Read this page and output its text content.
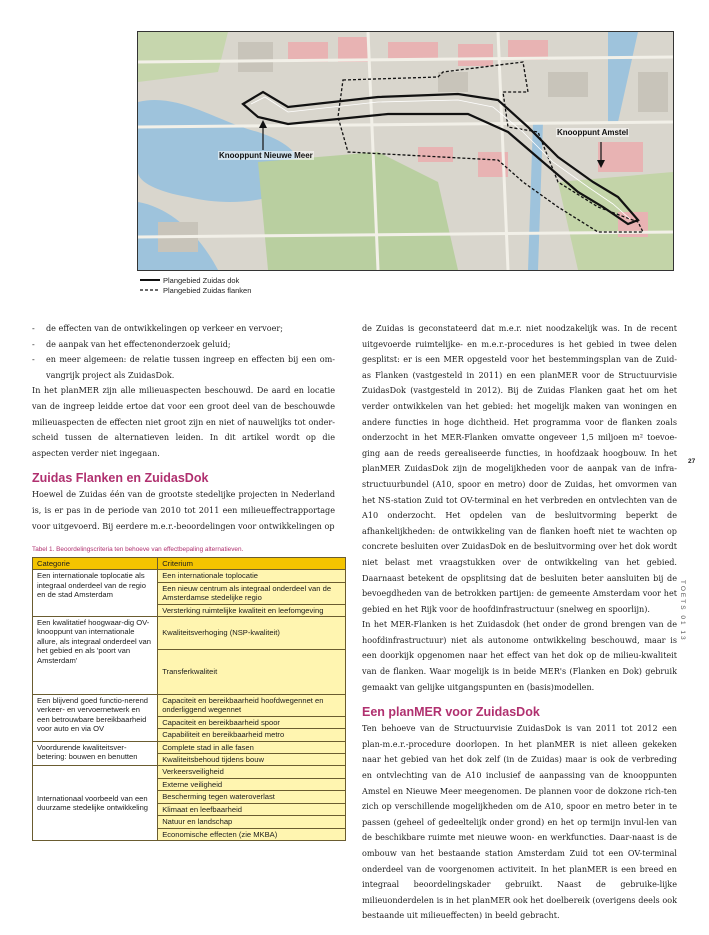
Knooppunt Nieuwe Meer
Knooppunt Amstel
Plangebied Zuidas dok
Plangebied Zuidas flanken
-	de effecten van de ontwikkelingen op verkeer en vervoer;
-	de aanpak van het effectenonderzoek geluid;
-	en meer algemeen: de relatie tussen ingreep en effecten bij een om-vangrijk project als ZuidasDok.

In het planMER zijn alle milieuaspecten beschouwd. De aard en locatie van de ingreep leidde ertoe dat voor een groot deel van de beschouwde milieuaspecten de effecten niet groot zijn en niet of nauwelijks tot onder-scheid tussen de alternatieven leiden. In dit artikel wordt op die aspecten verder niet ingegaan.

Zuidas Flanken en ZuidasDok

Hoewel de Zuidas één van de grootste stedelijke projecten in Nederland is, is er pas in de periode van 2010 tot 2011 een milieueffectrapportage voor uitgevoerd. Bij eerdere m.e.r.-beoordelingen voor ontwikkelingen op

Tabel 1. Beoordelingscriteria ten behoeve van effectbepaling alternatieven.
Categorie	Criterium
Een internationale toplocatie als integraal onderdeel van de regio en de stad Amsterdam	Een internationale toplocatie
	Een nieuw centrum als integraal onderdeel van de Amsterdamse stedelijke regio
	Versterking ruimtelijke kwaliteit en leefomgeving
Een kwalitatief hoogwaar-dig OV-knooppunt van internationale allure, als integraal onderdeel van het gebied en als 'poort van Amsterdam'	Kwaliteitsverhoging (NSP-kwaliteit)
	Transferkwaliteit
Een blijvend goed functio-nerend verkeer- en vervoernetwerk en een betrouwbare bereikbaarheid voor auto en via OV	Capaciteit en bereikbaarheid hoofdwegennet en onderliggend wegennet
	Capaciteit en bereikbaarheid spoor
	Capabiliteit en bereikbaarheid metro
Voordurende kwaliteitsver-betering: bouwen en benutten	Complete stad in alle fasen
	Kwaliteitsbehoud tijdens bouw
Internationaal voorbeeld van een duurzame stedelijke ontwikkeling	Verkeersveiligheid
	Externe veiligheid
	Bescherming tegen wateroverlast
	Klimaat en leefbaarheid
	Natuur en landschap
	Economische effecten (zie MKBA)

de Zuidas is geconstateerd dat m.e.r. niet noodzakelijk was. In de recent uitgevoerde ruimtelijke- en m.e.r.-procedures is het gebied in twee delen gesplitst: er is een MER opgesteld voor het bestemmingsplan van de Zuid-as Flanken (vastgesteld in 2011) en een planMER voor de Structuurvisie ZuidasDok (vastgesteld in 2012). Bij de Zuidas Flanken gaat het om het verder ontwikkelen van het gebied: het mogelijk maken van woningen en andere functies in hoge dichtheid. Het programma voor de flanken zoals onderzocht in het MER-Flanken omvatte ongeveer 1,5 miljoen m² toevoe-ging aan de reeds gerealiseerde functies, in hoofdzaak hoogbouw. In het planMER ZuidasDok zijn de mogelijkheden voor de aanpak van de infra-structuurbundel (A10, spoor en metro) door de Zuidas, het omvormen van het NS-station Zuid tot OV-terminal en het verbreden en ontvlechten van de A10 onderzocht. Het opdelen van de besluitvorming beperkt de afhankelijkheden: de ontwikkeling van de flanken hoeft niet te wachten op concrete besluiten over ZuidasDok en de besluitvorming over het dok wordt niet belast met vraagstukken over de ontwikkeling van het gebied. Daarnaast betekent de opsplitsing dat de besluiten beter aansluiten bij de bevoegdheden van de betrokken partijen: de gemeente Amsterdam voor het gebied en het Rijk voor de hoofdinfrastructuur (snelweg en spoorlijn).

In het MER-Flanken is het Zuidasdok (het onder de grond brengen van de hoofdinfrastructuur) niet als autonome ontwikkeling beschouwd, maar is een doorkijk opgenomen naar het effect van het dok op de milieu-kwaliteit van de flanken. Waar mogelijk is in beide MER's (Flanken en Dok) gebruik gemaakt van gelijke uitgangspunten en (basis)modellen.

Een planMER voor ZuidasDok

Ten behoeve van de Structuurvisie ZuidasDok is van 2011 tot 2012 een plan-m.e.r.-procedure doorlopen. In het planMER is niet alleen gekeken naar het gebied van het dok zelf (in de Zuidas) maar is ook de verbreding en ontvlechting van de A10 inclusief de aanpassing van de knooppunten Amstel en Nieuwe Meer meegenomen. De plannen voor de dokzone rich-ten zich op verschillende mogelijkheden om de A10, spoor en metro beter in te passen (geheel of gedeeltelijk onder grond) en het op termijn invul-len van de beschikbare ruimte met nieuwe woon- en werkfuncties. Daar-naast is de ombouw van het bestaande station Amsterdam Zuid tot een OV-terminal onderdeel van de voorgenomen activiteit. In het planMER is een breed en integraal beoordelingskader gebruikt. Naast de gebruike-lijke milieuonderdelen is in het planMER ook het doelbereik (overigens deels ook bestaande uit milieueffecten) in beeld gebracht.

27
TOETS 01 13
